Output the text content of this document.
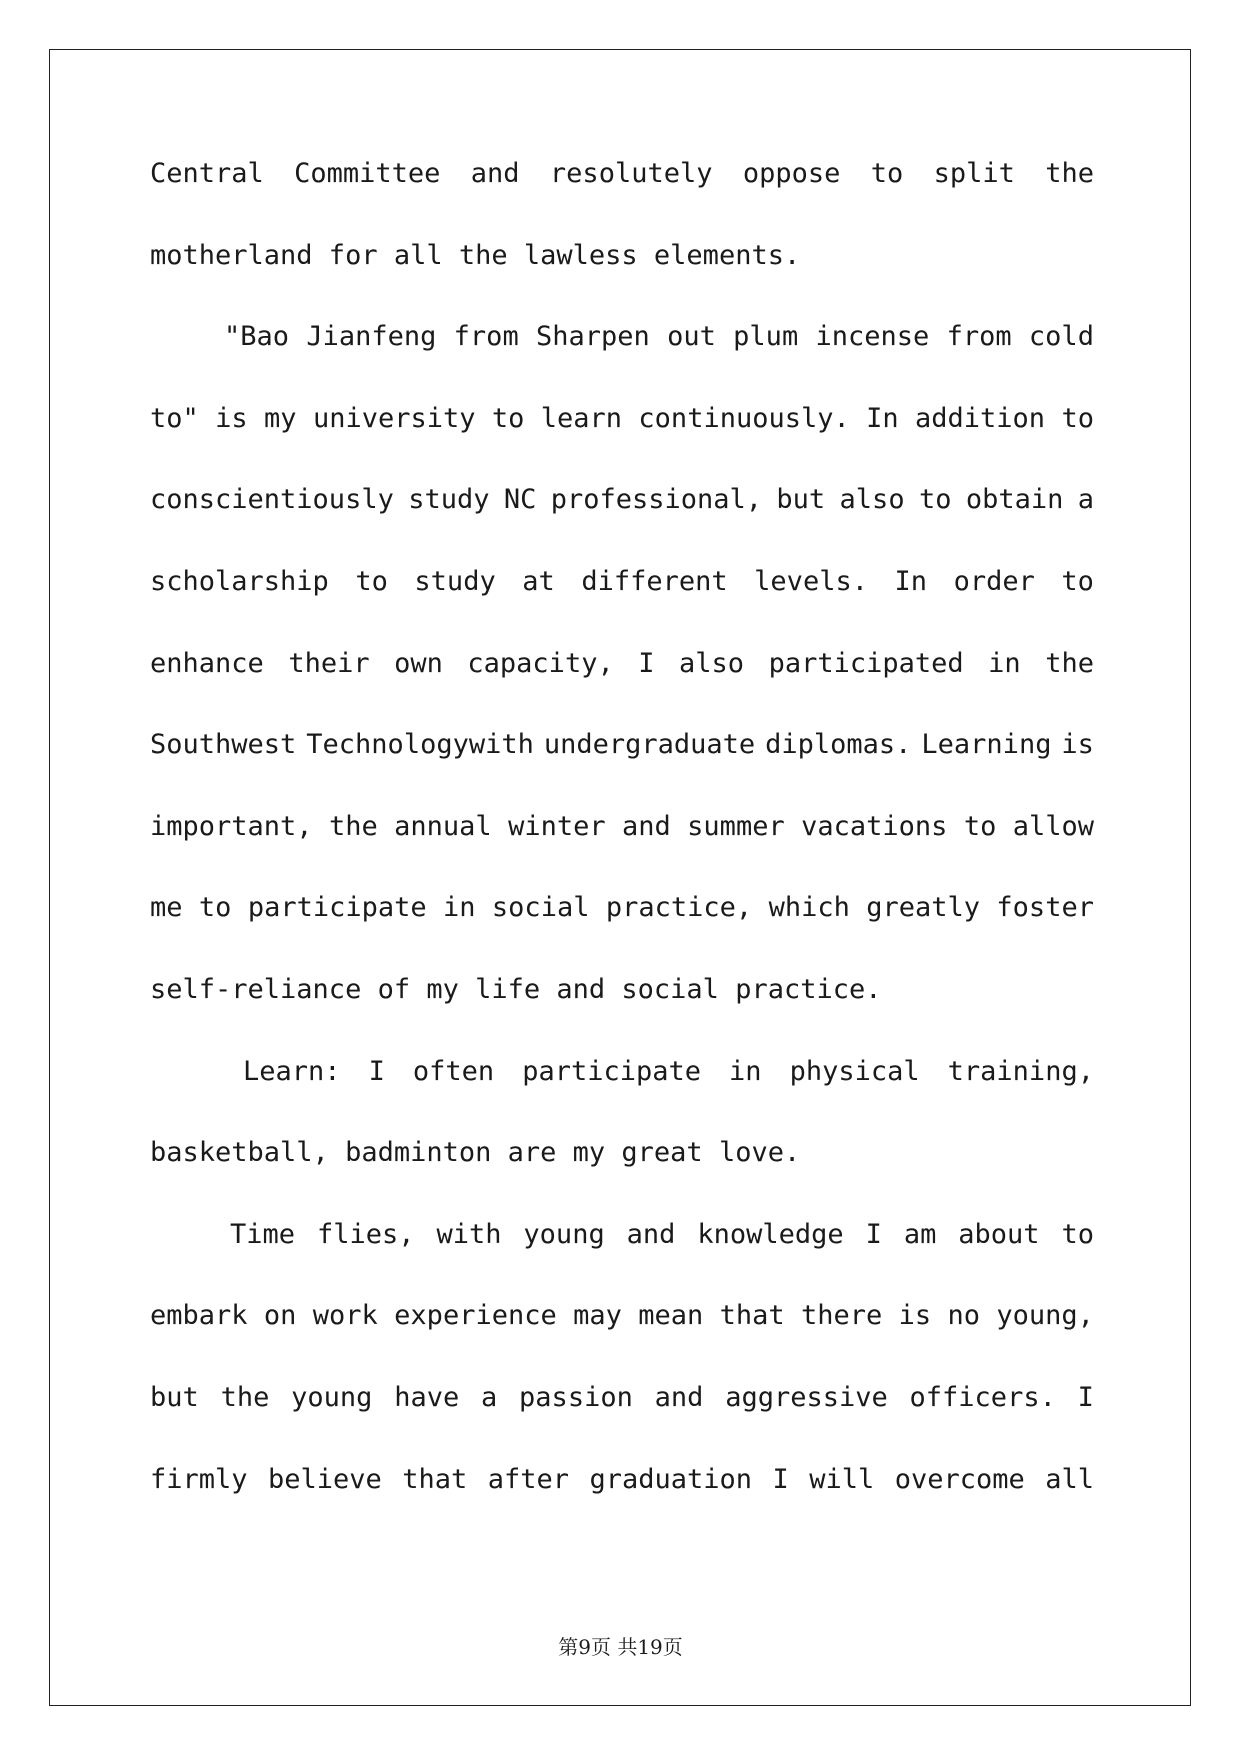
Central Committee and resolutely oppose to split the
motherland for all the lawless elements.
"Bao Jianfeng from Sharpen out plum incense from cold
to" is my university to learn continuously. In addition to
conscientiously study NC professional, but also to obtain a
scholarship to study at different levels. In order to
enhance their own capacity, I also participated in the
Southwest Technologywith undergraduate diplomas. Learning is
important, the annual winter and summer vacations to allow
me to participate in social practice, which greatly foster
self-reliance of my life and social practice.
Learn: I often participate in physical training,
basketball, badminton are my great love.
Time flies, with young and knowledge I am about to
embark on work experience may mean that there is no young,
but the young have a passion and aggressive officers. I
firmly believe that after graduation I will overcome all
第9页 共19页
